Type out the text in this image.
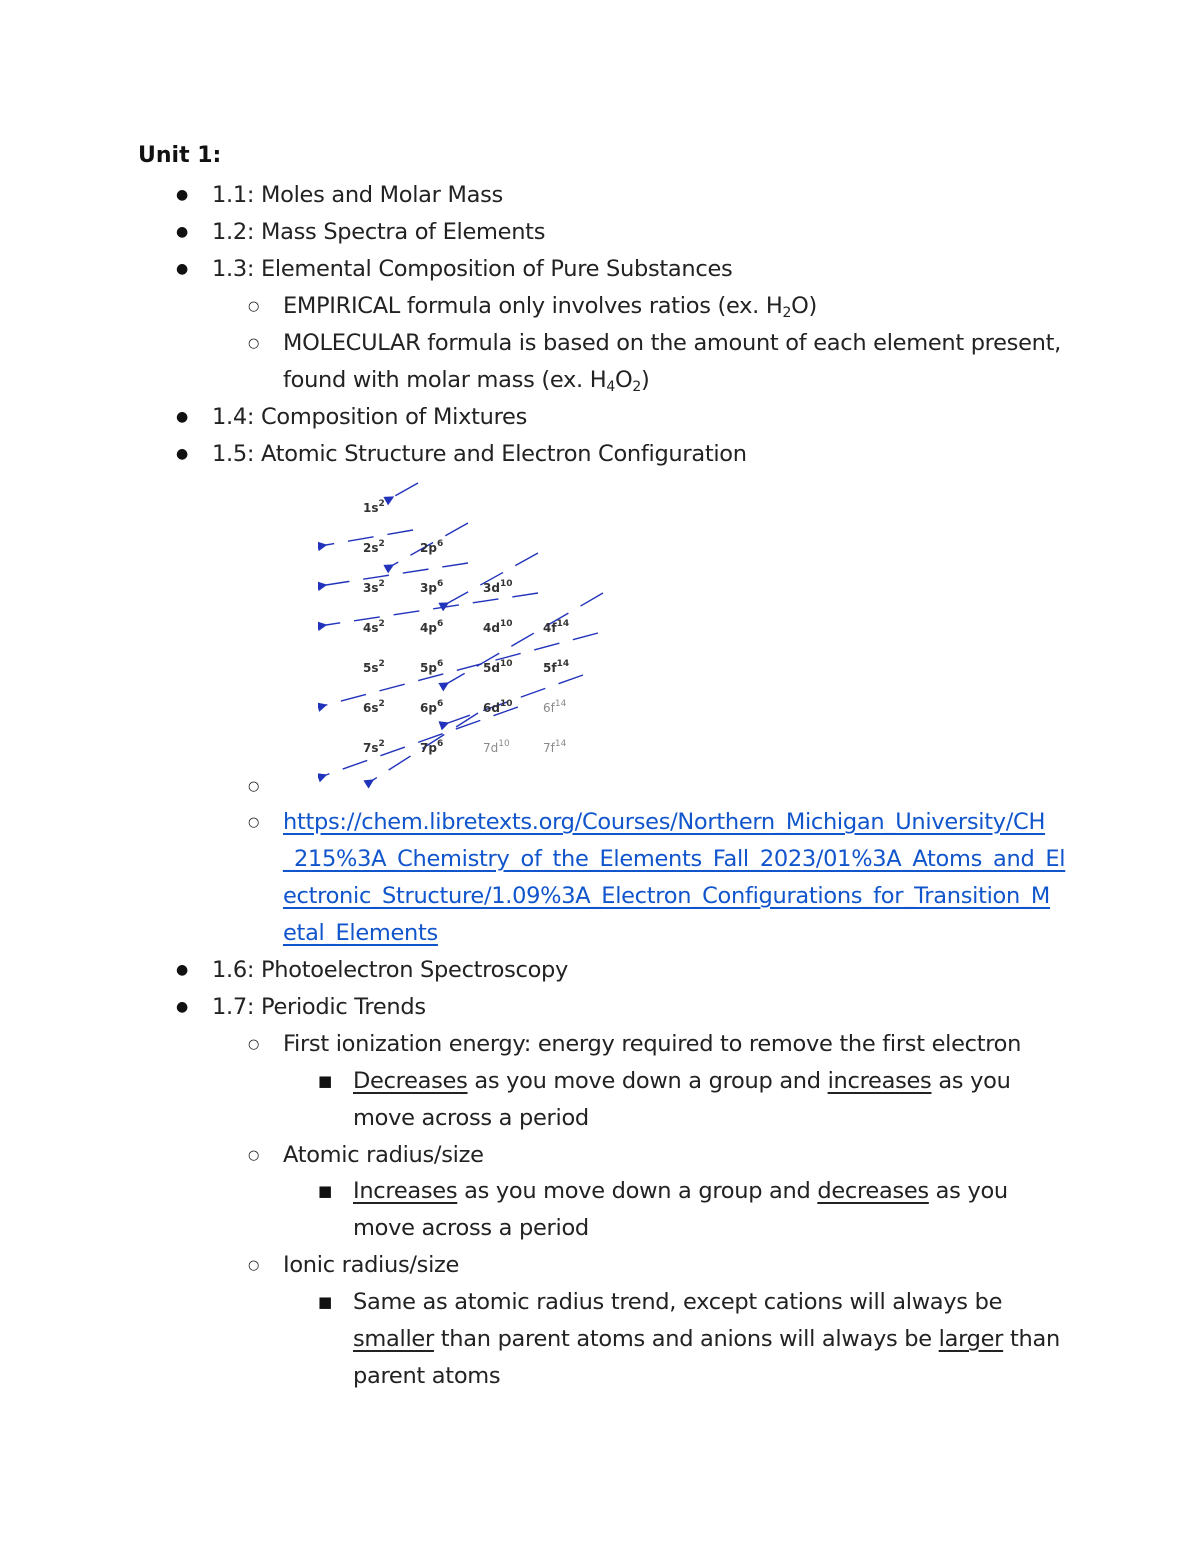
Unit 1:
● 1.1: Moles and Molar Mass
● 1.2: Mass Spectra of Elements
● 1.3: Elemental Composition of Pure Substances
○ EMPIRICAL formula only involves ratios (ex. $H_2O$)
○ MOLECULAR formula is based on the amount of each element present,
found with molar mass (ex. $H_4O_2$)
● 1.4: Composition of Mixtures
● 1.5: Atomic Structure and Electron Configuration
$1s^2$
$2s^2$	$2p^6$
$3s^2$	$3p^6$	$3d^{10}$
$4s^2$	$4p^6$	$4d^{10}$	$4f^{14}$
$5s^2$	$5p^6$	$5d^{10}$	$5f^{14}$
$6s^2$	$6p^6$	$6d^{10}$	$6f^{14}$
$7s^2$	$7p^6$	$7d^{10}$	$7f^{14}$
○
○ https://chem.libretexts.org/Courses/Northern_Michigan_University/CH
_215%3A_Chemistry_of_the_Elements_Fall_2023/01%3A_Atoms_and_El
ectronic_Structure/1.09%3A_Electron_Configurations_for_Transition_M
etal_Elements
● 1.6: Photoelectron Spectroscopy
● 1.7: Periodic Trends
○ First ionization energy: energy required to remove the first electron
■ Decreases as you move down a group and increases as you
move across a period
○ Atomic radius/size
■ Increases as you move down a group and decreases as you
move across a period
○ Ionic radius/size
■ Same as atomic radius trend, except cations will always be
smaller than parent atoms and anions will always be larger than
parent atoms
